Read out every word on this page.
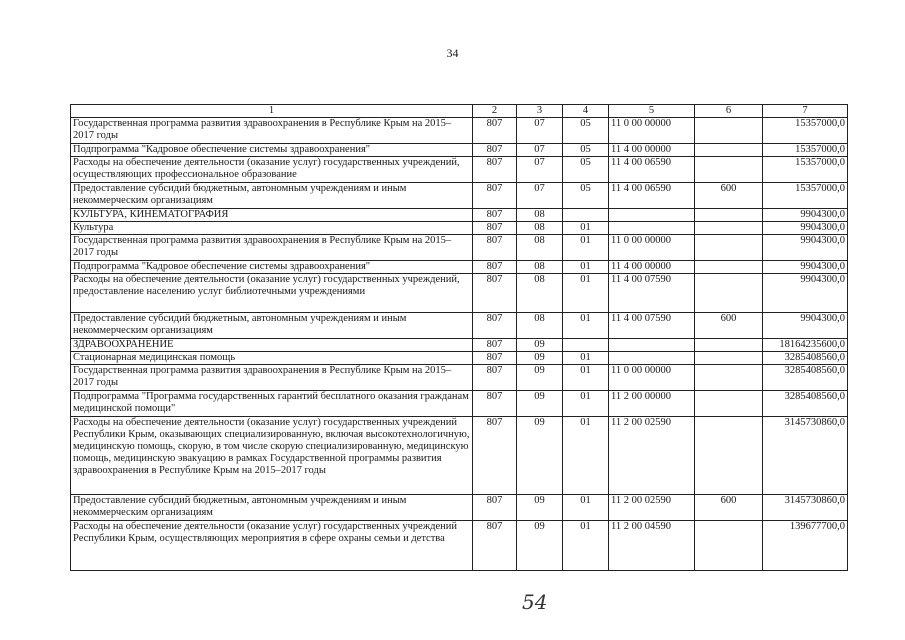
34
1	2	3	4	5	6	7
Государственная программа развития здравоохранения в Республике Крым на 2015–2017 годы	807	07	05	11 0 00 00000		15357000,0
Подпрограмма "Кадровое обеспечение системы здравоохранения"	807	07	05	11 4 00 00000		15357000,0
Расходы на обеспечение деятельности (оказание услуг) государственных учреждений, осуществляющих профессиональное образование	807	07	05	11 4 00 06590		15357000,0
Предоставление субсидий бюджетным, автономным учреждениям и иным некоммерческим организациям	807	07	05	11 4 00 06590	600	15357000,0
КУЛЬТУРА, КИНЕМАТОГРАФИЯ	807	08				9904300,0
Культура	807	08	01			9904300,0
Государственная программа развития здравоохранения в Республике Крым на 2015–2017 годы	807	08	01	11 0 00 00000		9904300,0
Подпрограмма "Кадровое обеспечение системы здравоохранения"	807	08	01	11 4 00 00000		9904300,0
Расходы на обеспечение деятельности (оказание услуг) государственных учреждений, предоставление населению услуг библиотечными учреждениями	807	08	01	11 4 00 07590		9904300,0
Предоставление субсидий бюджетным, автономным учреждениям и иным некоммерческим организациям	807	08	01	11 4 00 07590	600	9904300,0
ЗДРАВООХРАНЕНИЕ	807	09				18164235600,0
Стационарная медицинская помощь	807	09	01			3285408560,0
Государственная программа развития здравоохранения в Республике Крым на 2015–2017 годы	807	09	01	11 0 00 00000		3285408560,0
Подпрограмма "Программа государственных гарантий бесплатного оказания гражданам медицинской помощи"	807	09	01	11 2 00 00000		3285408560,0
Расходы на обеспечение деятельности (оказание услуг) государственных учреждений Республики Крым, оказывающих специализированную, включая высокотехнологичную, медицинскую помощь, скорую, в том числе скорую специализированную, медицинскую помощь, медицинскую эвакуацию в рамках Государственной программы развития здравоохранения в Республике Крым на 2015–2017 годы	807	09	01	11 2 00 02590		3145730860,0
Предоставление субсидий бюджетным, автономным учреждениям и иным некоммерческим организациям	807	09	01	11 2 00 02590	600	3145730860,0
Расходы на обеспечение деятельности (оказание услуг) государственных учреждений Республики Крым, осуществляющих мероприятия в сфере охраны семьи и детства	807	09	01	11 2 00 04590		139677700,0
54
